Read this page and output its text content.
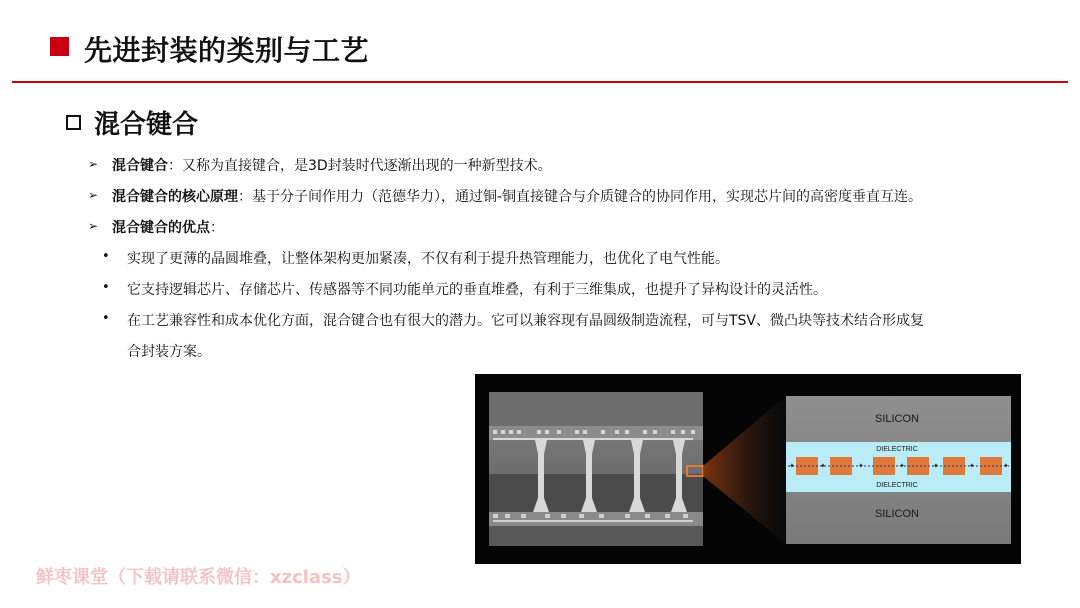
先进封装的类别与工艺
混合键合
➢ 混合键合：又称为直接键合，是3D封装时代逐渐出现的一种新型技术。
➢ 混合键合的核心原理：基于分子间作用力（范德华力），通过铜-铜直接键合与介质键合的协同作用，实现芯片间的高密度垂直互连。
➢ 混合键合的优点：
• 实现了更薄的晶圆堆叠，让整体架构更加紧凑，不仅有利于提升热管理能力，也优化了电气性能。
• 它支持逻辑芯片、存储芯片、传感器等不同功能单元的垂直堆叠，有利于三维集成，也提升了异构设计的灵活性。
• 在工艺兼容性和成本优化方面，混合键合也有很大的潜力。它可以兼容现有晶圆级制造流程，可与TSV、微凸块等技术结合形成复
合封装方案。
✦	✦	✦	✦	✦	✦	✦
SILICON
DIELECTRIC
DIELECTRIC
SILICON
鲜枣课堂（下载请联系微信：xzclass）
